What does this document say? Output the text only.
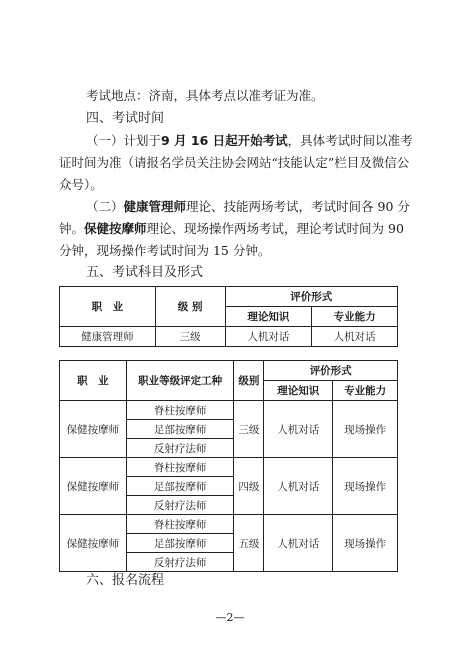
考试地点：济南，具体考点以准考证为准。
四、考试时间
（一）计划于9 月 16 日起开始考试，具体考试时间以准考
证时间为准（请报名学员关注协会网站“技能认定”栏目及微信公
众号）。
（二）健康管理师理论、技能两场考试，考试时间各 90 分
钟。保健按摩师理论、现场操作两场考试，理论考试时间为 90
分钟，现场操作考试时间为 15 分钟。
五、考试科目及形式
职　业	级 别	评价形式	
		理论知识	专业能力
健康管理师	三级	人机对话	人机对话
职　业	职业等级评定工种	级别	评价形式	
			理论知识	专业能力
保健按摩师	脊柱按摩师	三级	人机对话	现场操作
	足部按摩师			
	反射疗法师			
保健按摩师	脊柱按摩师	四级	人机对话	现场操作
	足部按摩师			
	反射疗法师			
保健按摩师	脊柱按摩师	五级	人机对话	现场操作
	足部按摩师			
	反射疗法师			
六、报名流程
—2—
